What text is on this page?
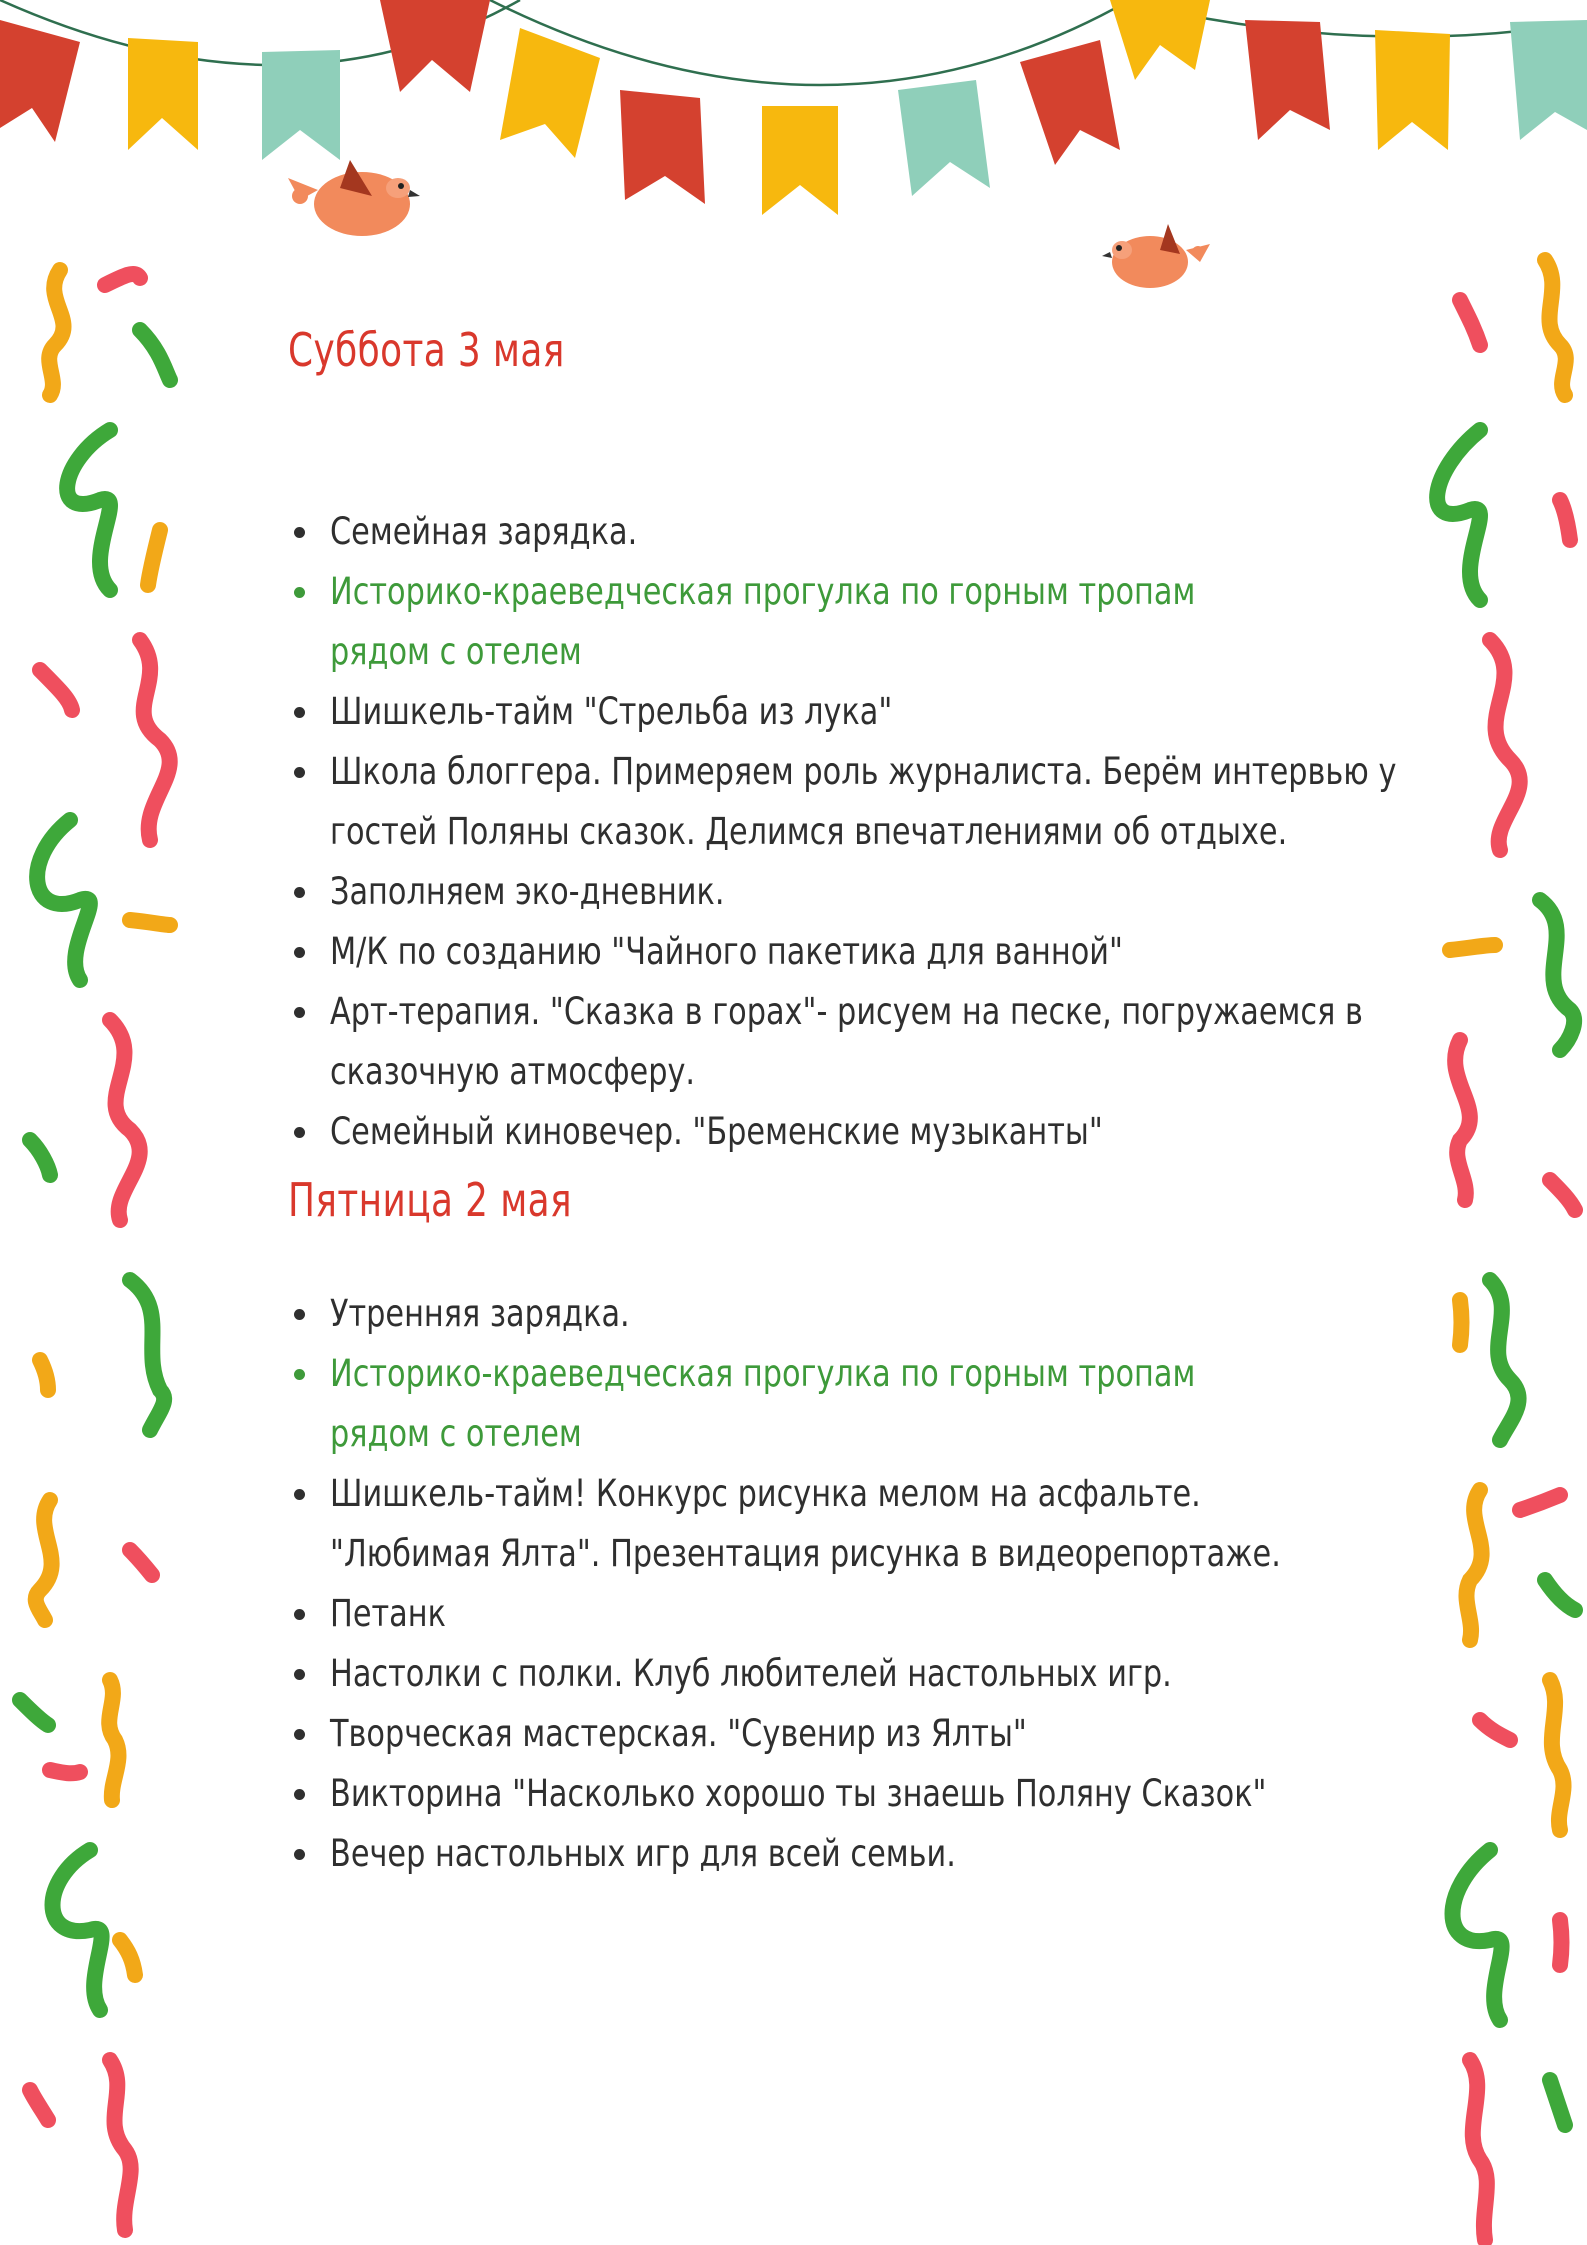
Суббота 3 мая
Семейная зарядка.
Историко-краеведческая прогулка по горным тропам
рядом с отелем
Шишкель-тайм "Стрельба из лука"
Школа блоггера. Примеряем роль журналиста. Берём интервью у
гостей Поляны сказок. Делимся впечатлениями об отдыхе.
Заполняем эко-дневник.
М/К по созданию "Чайного пакетика для ванной"
Арт-терапия. "Сказка в горах"- рисуем на песке, погружаемся в
сказочную атмосферу.
Семейный киновечер. "Бременские музыканты"
Пятница 2 мая
Утренняя зарядка.
Историко-краеведческая прогулка по горным тропам
рядом с отелем
Шишкель-тайм! Конкурс рисунка мелом на асфальте.
"Любимая Ялта". Презентация рисунка в видеорепортаже.
Петанк
Настолки с полки. Клуб любителей настольных игр.
Творческая мастерская. "Сувенир из Ялты"
Викторина "Насколько хорошо ты знаешь Поляну Сказок"
Вечер настольных игр для всей семьи.
